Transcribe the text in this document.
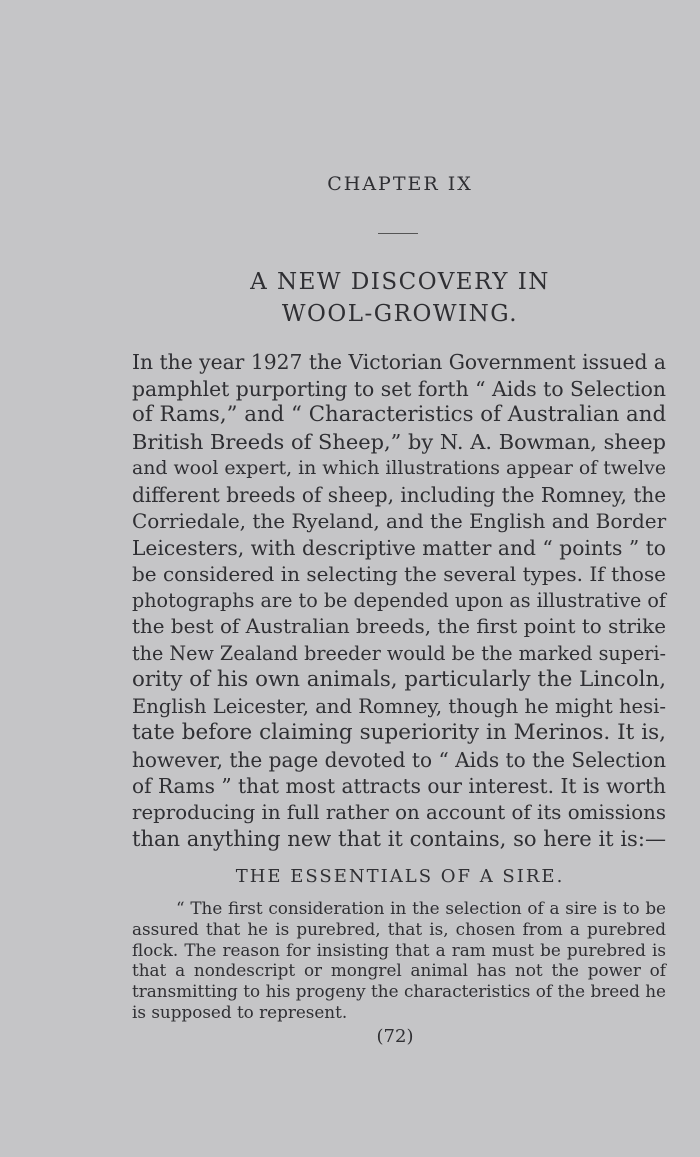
CHAPTER IX
A NEW DISCOVERY IN
WOOL-GROWING.
In the year 1927 the Victorian Government issued a
pamphlet purporting to set forth “ Aids to Selection
of Rams,” and “ Characteristics of Australian and
British Breeds of Sheep,” by N. A. Bowman, sheep
and wool expert, in which illustrations appear of twelve
different breeds of sheep, including the Romney, the
Corriedale, the Ryeland, and the English and Border
Leicesters, with descriptive matter and “ points ” to
be considered in selecting the several types. If those
photographs are to be depended upon as illustrative of
the best of Australian breeds, the first point to strike
the New Zealand breeder would be the marked superi-
ority of his own animals, particularly the Lincoln,
English Leicester, and Romney, though he might hesi-
tate before claiming superiority in Merinos. It is,
however, the page devoted to “ Aids to the Selection
of Rams ” that most attracts our interest. It is worth
reproducing in full rather on account of its omissions
than anything new that it contains, so here it is:—
THE ESSENTIALS OF A SIRE.
“ The first consideration in the selection of a sire is to be
assured that he is purebred, that is, chosen from a purebred
flock. The reason for insisting that a ram must be purebred is
that a nondescript or mongrel animal has not the power of
transmitting to his progeny the characteristics of the breed he
is supposed to represent.
(72)
